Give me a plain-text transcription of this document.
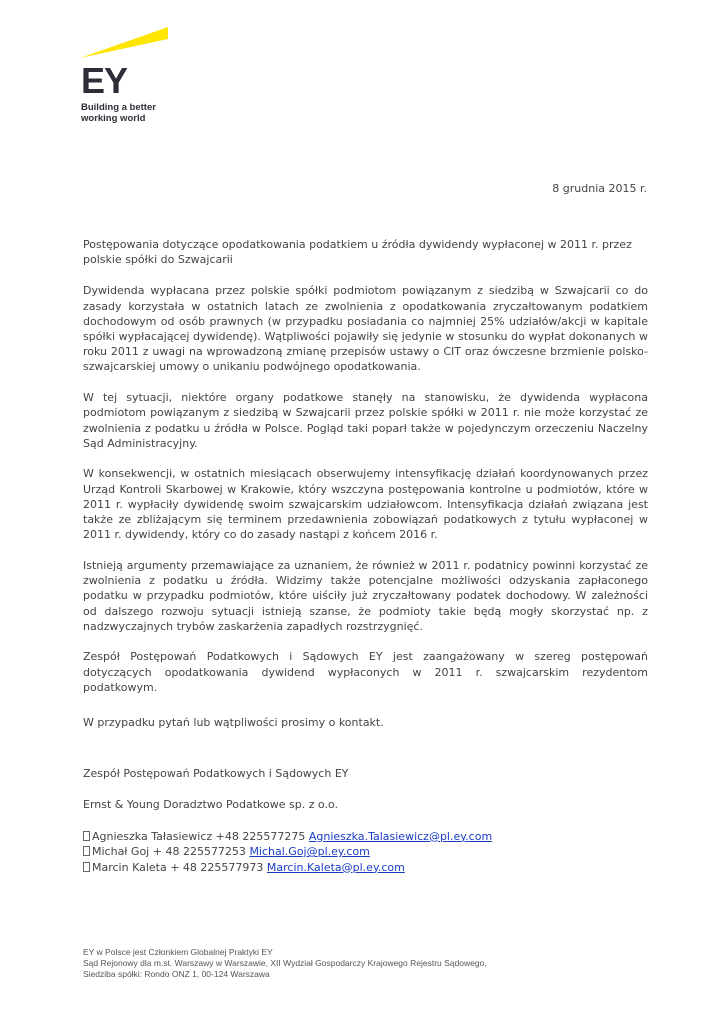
EY
Building a better
working world
8 grudnia 2015 r.

Postępowania dotyczące opodatkowania podatkiem u źródła dywidendy wypłaconej w 2011 r. przez polskie spółki do Szwajcarii

Dywidenda wypłacana przez polskie spółki podmiotom powiązanym z siedzibą w Szwajcarii co do zasady korzystała w ostatnich latach ze zwolnienia z opodatkowania zryczałtowanym podatkiem dochodowym od osób prawnych (w przypadku posiadania co najmniej 25% udziałów/akcji w kapitale spółki wypłacającej dywidendę). Wątpliwości pojawiły się jedynie w stosunku do wypłat dokonanych w roku 2011 z uwagi na wprowadzoną zmianę przepisów ustawy o CIT oraz ówczesne brzmienie polsko-szwajcarskiej umowy o unikaniu podwójnego opodatkowania.

W tej sytuacji, niektóre organy podatkowe stanęły na stanowisku, że dywidenda wypłacona podmiotom powiązanym z siedzibą w Szwajcarii przez polskie spółki w 2011 r. nie może korzystać ze zwolnienia z podatku u źródła w Polsce. Pogląd taki poparł także w pojedynczym orzeczeniu Naczelny Sąd Administracyjny.

W konsekwencji, w ostatnich miesiącach obserwujemy intensyfikację działań koordynowanych przez Urząd Kontroli Skarbowej w Krakowie, który wszczyna postępowania kontrolne u podmiotów, które w 2011 r. wypłaciły dywidendę swoim szwajcarskim udziałowcom. Intensyfikacja działań związana jest także ze zbliżającym się terminem przedawnienia zobowiązań podatkowych z tytułu wypłaconej w 2011 r. dywidendy, który co do zasady nastąpi z końcem 2016 r.

Istnieją argumenty przemawiające za uznaniem, że również w 2011 r. podatnicy powinni korzystać ze zwolnienia z podatku u źródła. Widzimy także potencjalne możliwości odzyskania zapłaconego podatku w przypadku podmiotów, które uiściły już zryczałtowany podatek dochodowy. W zależności od dalszego rozwoju sytuacji istnieją szanse, że podmioty takie będą mogły skorzystać np. z nadzwyczajnych trybów zaskarżenia zapadłych rozstrzygnięć.

Zespół Postępowań Podatkowych i Sądowych EY jest zaangażowany w szereg postępowań dotyczących opodatkowania dywidend wypłaconych w 2011 r. szwajcarskim rezydentom podatkowym.

W przypadku pytań lub wątpliwości prosimy o kontakt.

Zespół Postępowań Podatkowych i Sądowych EY

Ernst & Young Doradztwo Podatkowe sp. z o.o.

Agnieszka Tałasiewicz +48 225577275 Agnieszka.Talasiewicz@pl.ey.com
Michał Goj + 48 225577253 Michal.Goj@pl.ey.com
Marcin Kaleta + 48 225577973 Marcin.Kaleta@pl.ey.com
EY w Polsce jest Członkiem Globalnej Praktyki EY
Sąd Rejonowy dla m.st. Warszawy w Warszawie, XII Wydział Gospodarczy Krajowego Rejestru Sądowego,
Siedziba spółki: Rondo ONZ 1, 00-124 Warszawa
